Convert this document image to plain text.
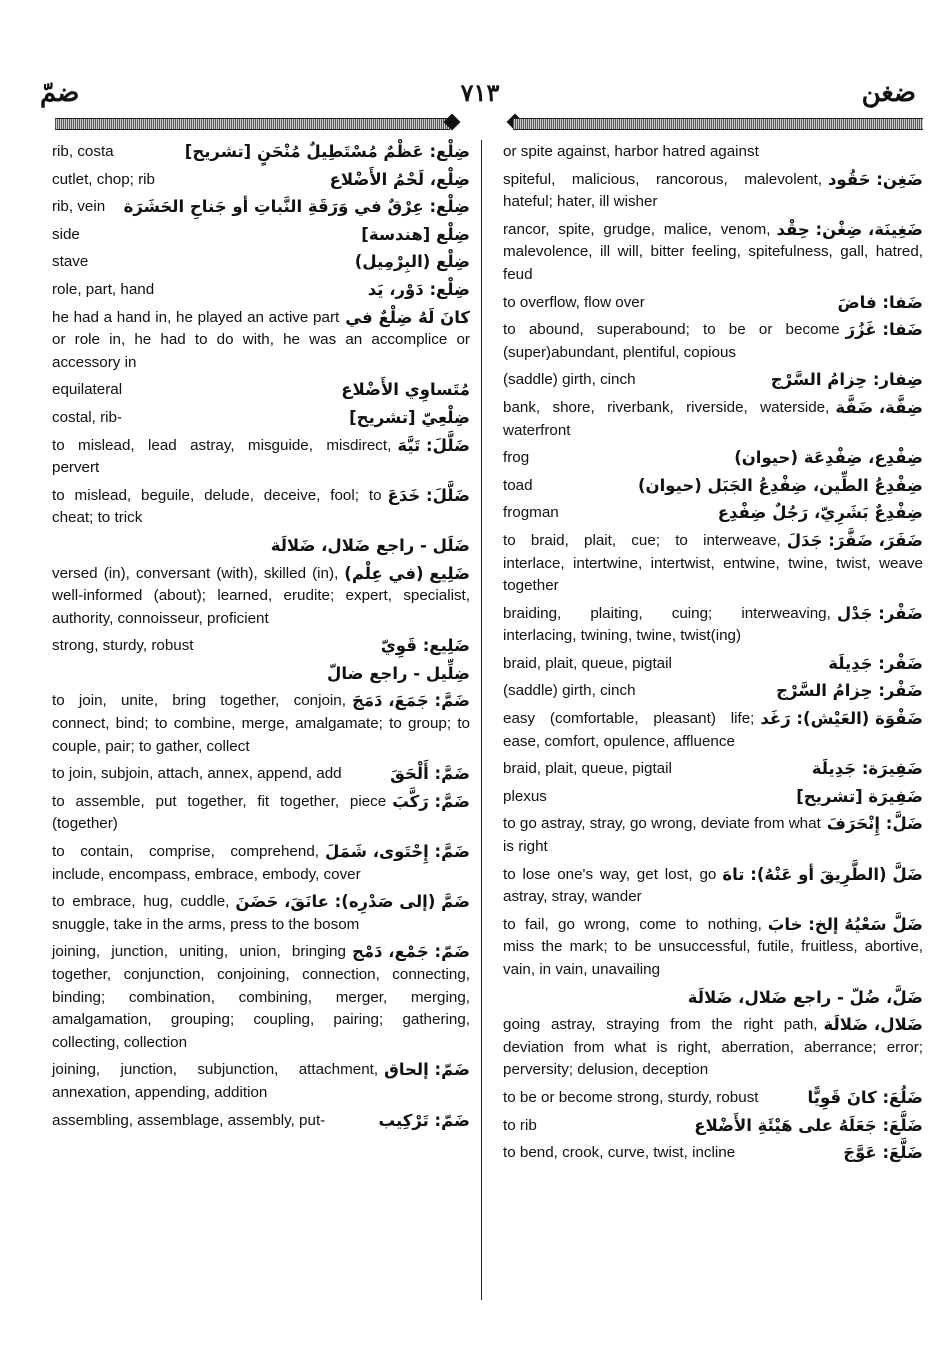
ضمّ	٧١٣	ضغن
ضِلْع: عَظْمٌ مُسْتَطِيلٌ مُنْحَنٍ [تشريح]
rib, costa
ضِلْع، لَحْمُ الأَضْلاع
cutlet, chop; rib
ضِلْع: عِرْقٌ في وَرَقَةِ النَّباتِ أو جَناحِ الحَشَرَة
rib, vein
ضِلْع [هندسة]
side
ضِلْع (البِرْمِيل)
stave
ضِلْع: دَوْر، يَد
role, part, hand
كانَ لَهُ ضِلْعٌ في
he had a hand in, he played an active part or role in, he had to do with, he was an accomplice or accessory in
مُتَساوِي الأَضْلاع
equilateral
ضِلْعِيّ [تشريح]
costal, rib-
ضَلَّلَ: تَيَّهَ
to mislead, lead astray, misguide, misdirect, pervert
ضَلَّلَ: خَدَعَ
to mislead, beguile, delude, deceive, fool; to cheat; to trick
ضَلَل - راجع ضَلال، ضَلالَة
ضَلِيع (في عِلْم)
versed (in), conversant (with), skilled (in), well-informed (about); learned, erudite; expert, specialist, authority, connoisseur, proficient
ضَلِيع: قَوِيّ
strong, sturdy, robust
ضِلِّيل - راجع ضالّ
ضَمَّ: جَمَعَ، دَمَجَ
to join, unite, bring together, conjoin, connect, bind; to combine, merge, amalgamate; to group; to couple, pair; to gather, collect
ضَمَّ: أَلْحَقَ
to join, subjoin, attach, annex, append, add
ضَمَّ: رَكَّبَ
to assemble, put together, fit together, piece (together)
ضَمَّ: إِحْتَوى، شَمَلَ
to contain, comprise, comprehend, include, encompass, embrace, embody, cover
ضَمَّ (إلى صَدْرِه): عانَقَ، حَضَنَ
to embrace, hug, cuddle, snuggle, take in the arms, press to the bosom
ضَمّ: جَمْع، دَمْج
joining, junction, uniting, union, bringing together, conjunction, conjoining, connection, connecting, binding; combination, combining, merger, merging, amalgamation, grouping; coupling, pairing; gathering, collecting, collection
ضَمّ: إلحاق
joining, junction, subjunction, attachment, annexation, appending, addition
ضَمّ: تَرْكِيب
assembling, assemblage, assembly, put-
or spite against, harbor hatred against
ضَغِن: حَقُود
spiteful, malicious, rancorous, malevolent, hateful; hater, ill wisher
ضَغِينَة، ضِغْن: حِقْد
rancor, spite, grudge, malice, venom, malevolence, ill will, bitter feeling, spitefulness, gall, hatred, feud
ضَفا: فاضَ
to overflow, flow over
ضَفا: غَزُرَ
to abound, superabound; to be or become (super)abundant, plentiful, copious
ضِفار: حِزامُ السَّرْج
(saddle) girth, cinch
ضِفَّة، ضَفَّة
bank, shore, riverbank, riverside, waterside, waterfront
ضِفْدِع، ضِفْدِعَة (حيوان)
frog
ضِفْدِعُ الطِّين، ضِفْدِعُ الجَبَل (حيوان)
toad
ضِفْدِعٌ بَشَرِيّ، رَجُلٌ ضِفْدِع
frogman
ضَفَرَ، ضَفَّرَ: جَدَلَ
to braid, plait, cue; to interweave, interlace, intertwine, intertwist, entwine, twine, twist, weave together
ضَفْر: جَدْل
braiding, plaiting, cuing; interweaving, interlacing, twining, twine, twist(ing)
ضَفْر: جَدِيلَة
braid, plait, queue, pigtail
ضَفْر: حِزامُ السَّرْج
(saddle) girth, cinch
ضَفْوَة (العَيْش): رَغَد
easy (comfortable, pleasant) life; ease, comfort, opulence, affluence
ضَفِيرَة: جَدِيلَة
braid, plait, queue, pigtail
ضَفِيرَة [تشريح]
plexus
ضَلَّ: إِنْحَرَفَ
to go astray, stray, go wrong, deviate from what is right
ضَلَّ (الطَّرِيقَ أو عَنْهُ): تاهَ
to lose one's way, get lost, go astray, stray, wander
ضَلَّ سَعْيُهُ إلخ: خابَ
to fail, go wrong, come to nothing, miss the mark; to be unsuccessful, futile, fruitless, abortive, vain, in vain, unavailing
ضَلَّ، ضُلّ - راجع ضَلال، ضَلالَة
ضَلال، ضَلالَة
going astray, straying from the right path, deviation from what is right, aberration, aberrance; error; perversity; delusion, deception
ضَلُعَ: كانَ قَوِيًّا
to be or become strong, sturdy, robust
ضَلَّعَ: جَعَلَهُ على هَيْئَةِ الأَضْلاع
to rib
ضَلَّعَ: عَوَّجَ
to bend, crook, curve, twist, incline
